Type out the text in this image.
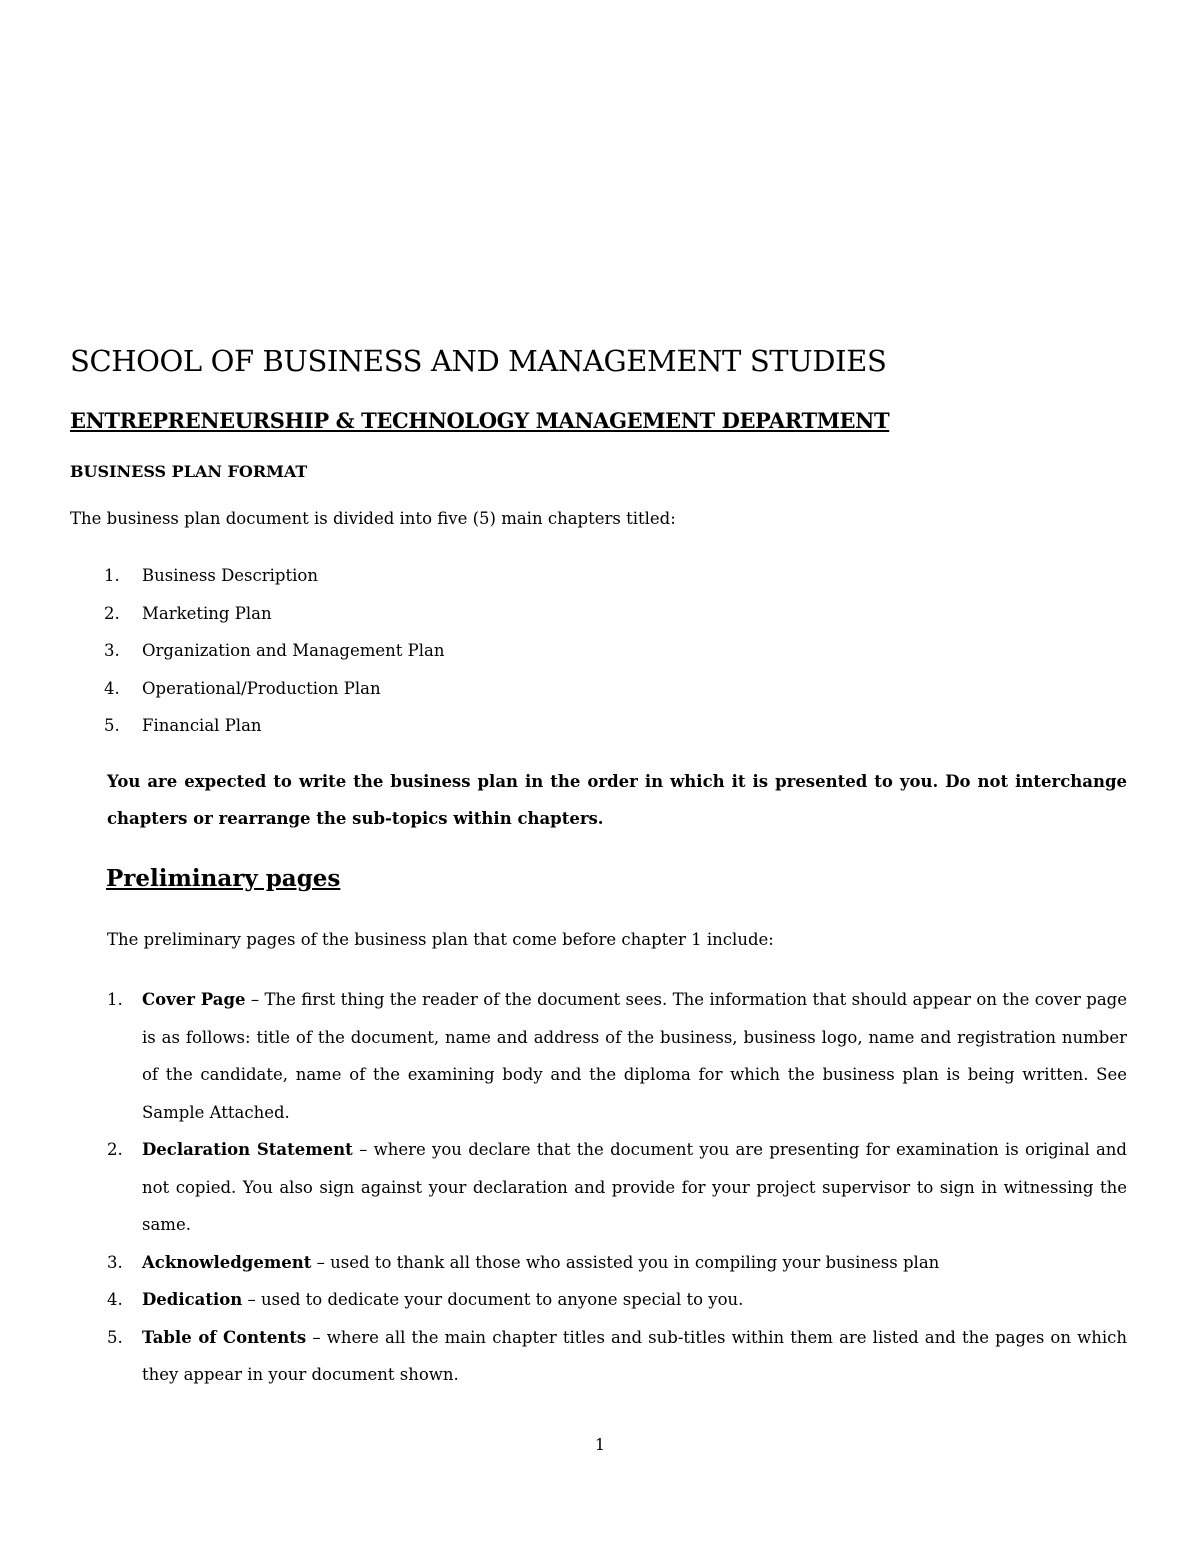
SCHOOL OF BUSINESS AND MANAGEMENT STUDIES
ENTREPRENEURSHIP & TECHNOLOGY MANAGEMENT DEPARTMENT
BUSINESS PLAN FORMAT

The business plan document is divided into five (5) main chapters titled:

1. Business Description
2. Marketing Plan
3. Organization and Management Plan
4. Operational/Production Plan
5. Financial Plan

You are expected to write the business plan in the order in which it is presented to you. Do not interchange chapters or rearrange the sub-topics within chapters.

Preliminary pages

The preliminary pages of the business plan that come before chapter 1 include:

1. Cover Page – The first thing the reader of the document sees. The information that should appear on the cover page is as follows: title of the document, name and address of the business, business logo, name and registration number of the candidate, name of the examining body and the diploma for which the business plan is being written. See Sample Attached.
2. Declaration Statement – where you declare that the document you are presenting for examination is original and not copied. You also sign against your declaration and provide for your project supervisor to sign in witnessing the same.
3. Acknowledgement – used to thank all those who assisted you in compiling your business plan
4. Dedication – used to dedicate your document to anyone special to you.
5. Table of Contents – where all the main chapter titles and sub-titles within them are listed and the pages on which they appear in your document shown.
1
